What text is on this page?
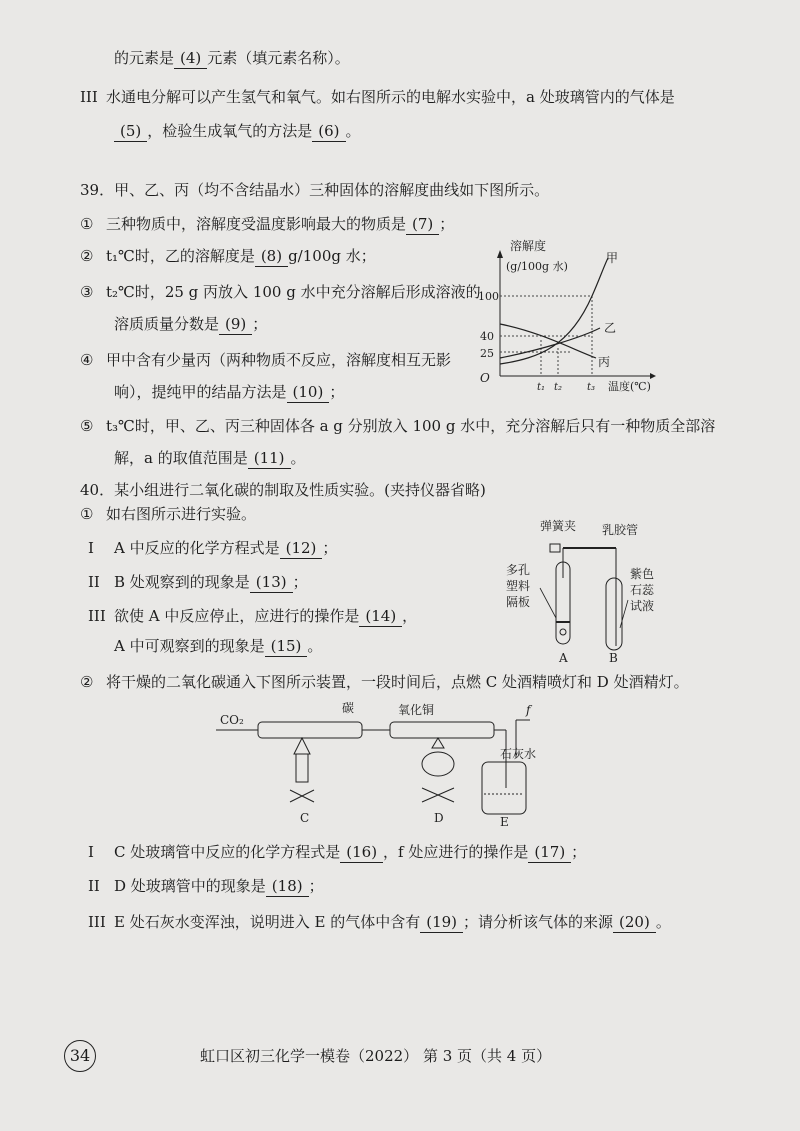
的元素是 (4) 元素（填元素名称）。
III 水通电分解可以产生氢气和氧气。如右图所示的电解水实验中，a 处玻璃管内的气体是
(5) ，检验生成氧气的方法是 (6) 。
39．甲、乙、丙（均不含结晶水）三种固体的溶解度曲线如下图所示。
① 三种物质中，溶解度受温度影响最大的物质是 (7) ；
② t₁℃时，乙的溶解度是 (8) g/100g 水；
③ t₂℃时，25 g 丙放入 100 g 水中充分溶解后形成溶液的
溶质质量分数是 (9) ；
④ 甲中含有少量丙（两种物质不反应，溶解度相互无影
响），提纯甲的结晶方法是 (10) ；
⑤ t₃℃时，甲、乙、丙三种固体各 a g 分别放入 100 g 水中，充分溶解后只有一种物质全部溶
解，a 的取值范围是 (11) 。
溶解度
(g/100g 水)
O
100
40
25
t₁ t₂ t₃ 温度(℃)
甲
乙
丙
40．某小组进行二氧化碳的制取及性质实验。(夹持仪器省略)
① 如右图所示进行实验。
I A 中反应的化学方程式是 (12) ；
II B 处观察到的现象是 (13) ；
III 欲使 A 中反应停止，应进行的操作是 (14) ，
A 中可观察到的现象是 (15) 。
弹簧夹 乳胶管
多孔
塑料
隔板
紫色
石蕊
试液
A	B
② 将干燥的二氧化碳通入下图所示装置，一段时间后，点燃 C 处酒精喷灯和 D 处酒精灯。
CO₂
碳	氧化铜	f
石灰水
C	D	E
I C 处玻璃管中反应的化学方程式是 (16) ，f 处应进行的操作是 (17) ；
II D 处玻璃管中的现象是 (18) ；
III E 处石灰水变浑浊，说明进入 E 的气体中含有 (19) ；请分析该气体的来源 (20) 。
34	虹口区初三化学一模卷（2022） 第 3 页（共 4 页）
